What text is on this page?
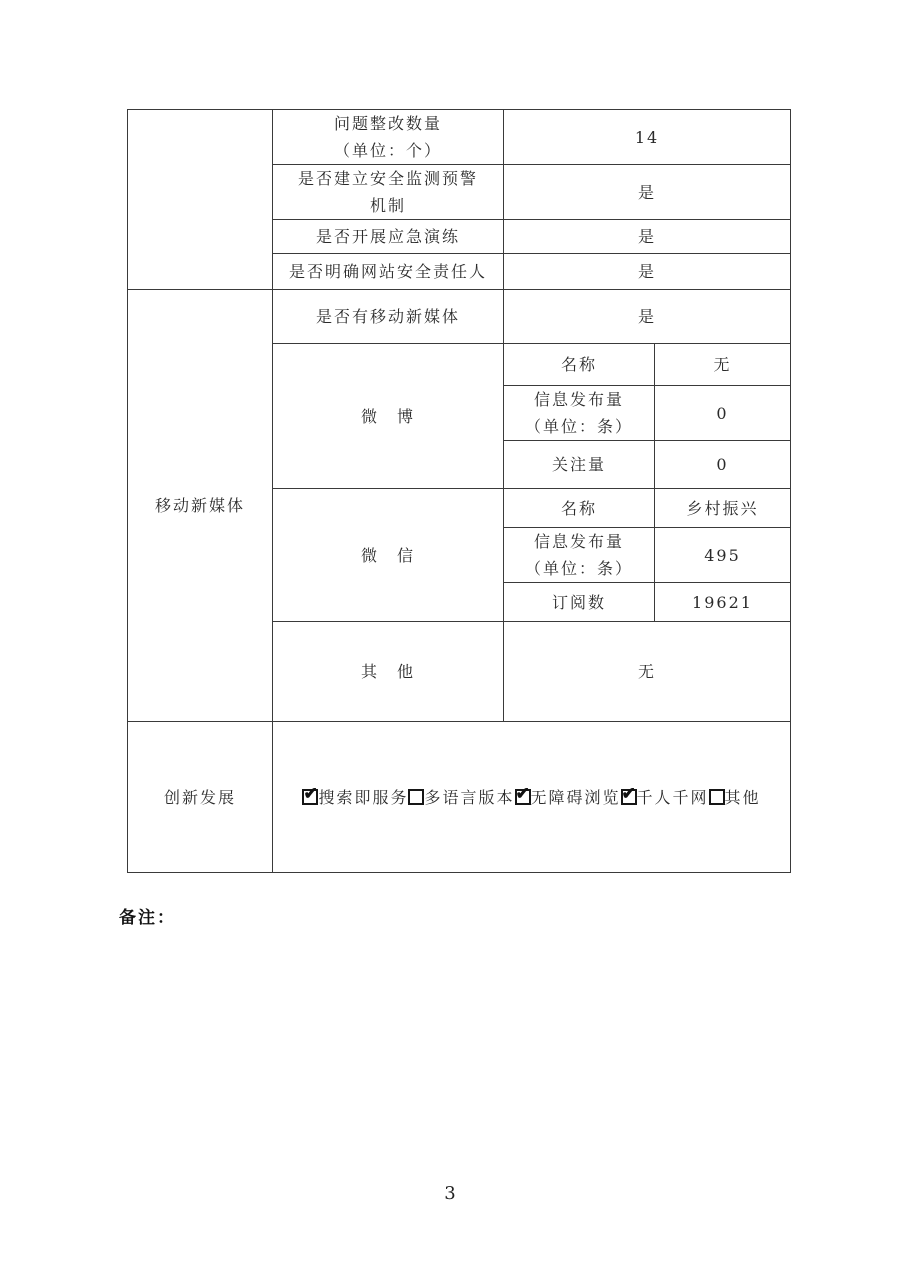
	问题整改数量
（单位：个）	14	

	是否建立安全监测预警
机制	是	
	是否开展应急演练	是	
	是否明确网站安全责任人	是	
移动新媒体	是否有移动新媒体	是	
	微　博	名称	无

		信息发布量
（单位：条）	0
		关注量	0
	微　信	名称	乡村振兴

		信息发布量
（单位：条）	495
		订阅数	19621
	其　他	无	
创新发展	✔搜索即服务 多语言版本 ✔ 无障碍浏览 ✔ 千人千网 其他
备注：
3
